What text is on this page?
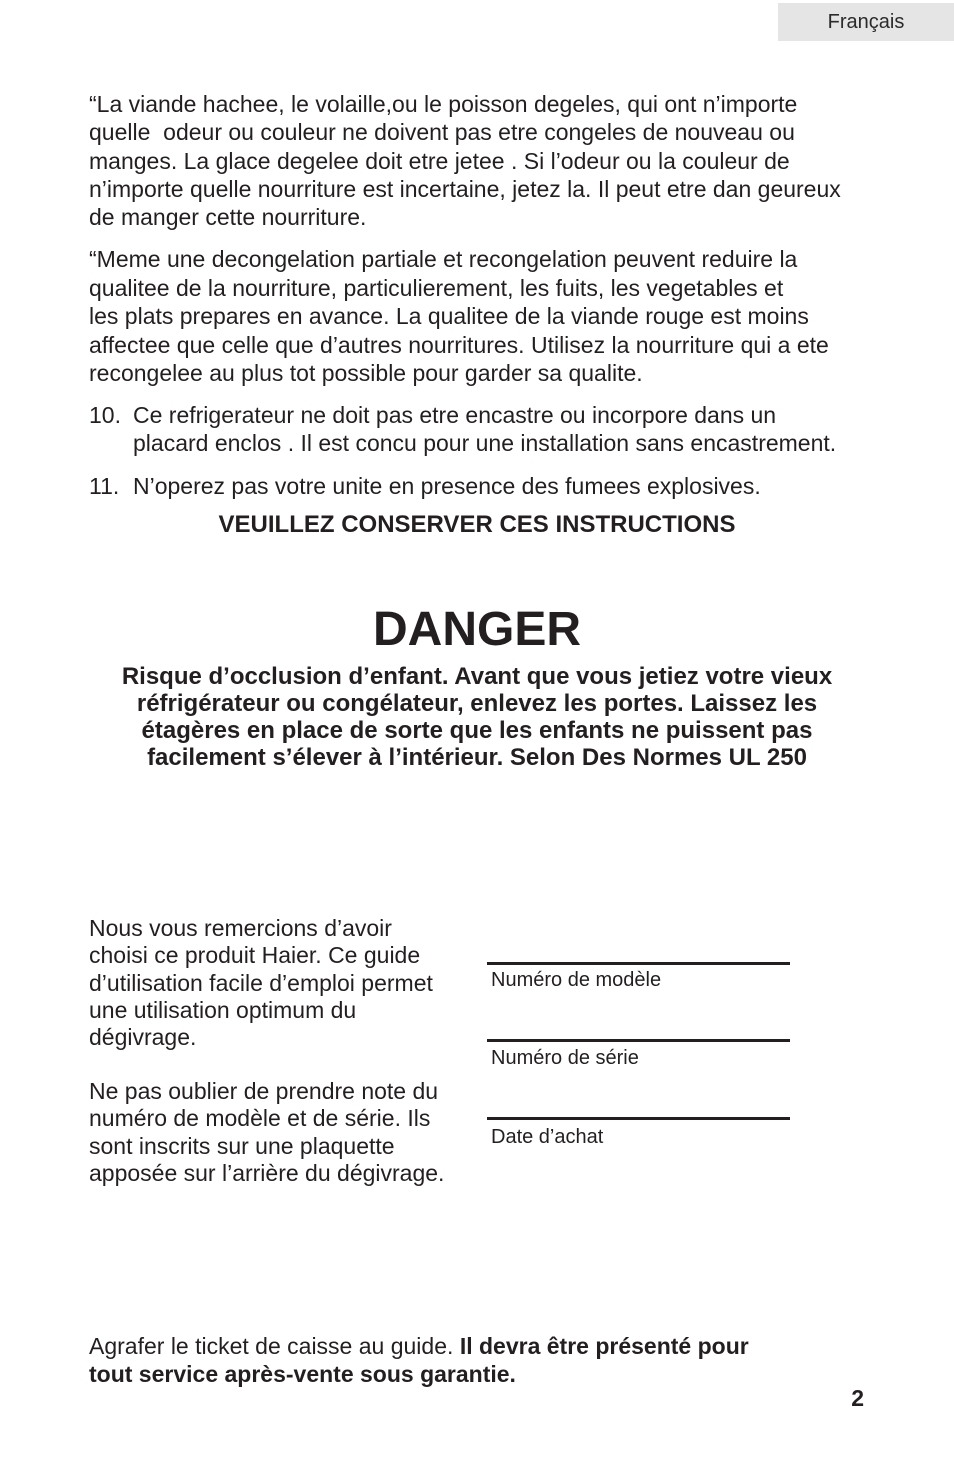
Français
“La viande hachee, le volaille,ou le poisson degeles, qui ont n’importe
quelle  odeur ou couleur ne doivent pas etre congeles de nouveau ou
manges. La glace degelee doit etre jetee . Si l’odeur ou la couleur de
n’importe quelle nourriture est incertaine, jetez la. Il peut etre dan geureux
de manger cette nourriture.
“Meme une decongelation partiale et recongelation peuvent reduire la
qualitee de la nourriture, particulierement, les fuits, les vegetables et
les plats prepares en avance. La qualitee de la viande rouge est moins
affectee que celle que d’autres nourritures. Utilisez la nourriture qui a ete
recongelee au plus tot possible pour garder sa qualite.
10. Ce refrigerateur ne doit pas etre encastre ou incorpore dans un
placard enclos . Il est concu pour une installation sans encastrement.
11. N’operez pas votre unite en presence des fumees explosives.
VEUILLEZ CONSERVER CES INSTRUCTIONS
DANGER
Risque d’occlusion d’enfant. Avant que vous jetiez votre vieux
réfrigérateur ou congélateur, enlevez les portes. Laissez les
étagères en place de sorte que les enfants ne puissent pas
facilement s’élever à l’intérieur. Selon Des Normes UL 250
Nous vous remercions d’avoir
choisi ce produit Haier. Ce guide
d’utilisation facile d’emploi permet
une utilisation optimum du
dégivrage.
Ne pas oublier de prendre note du
numéro de modèle et de série. Ils
sont inscrits sur une plaquette
apposée sur l’arrière du dégivrage.
Numéro de modèle
Numéro de série
Date d’achat
Agrafer le ticket de caisse au guide. Il devra être présenté pour
tout service après-vente sous garantie.
2
